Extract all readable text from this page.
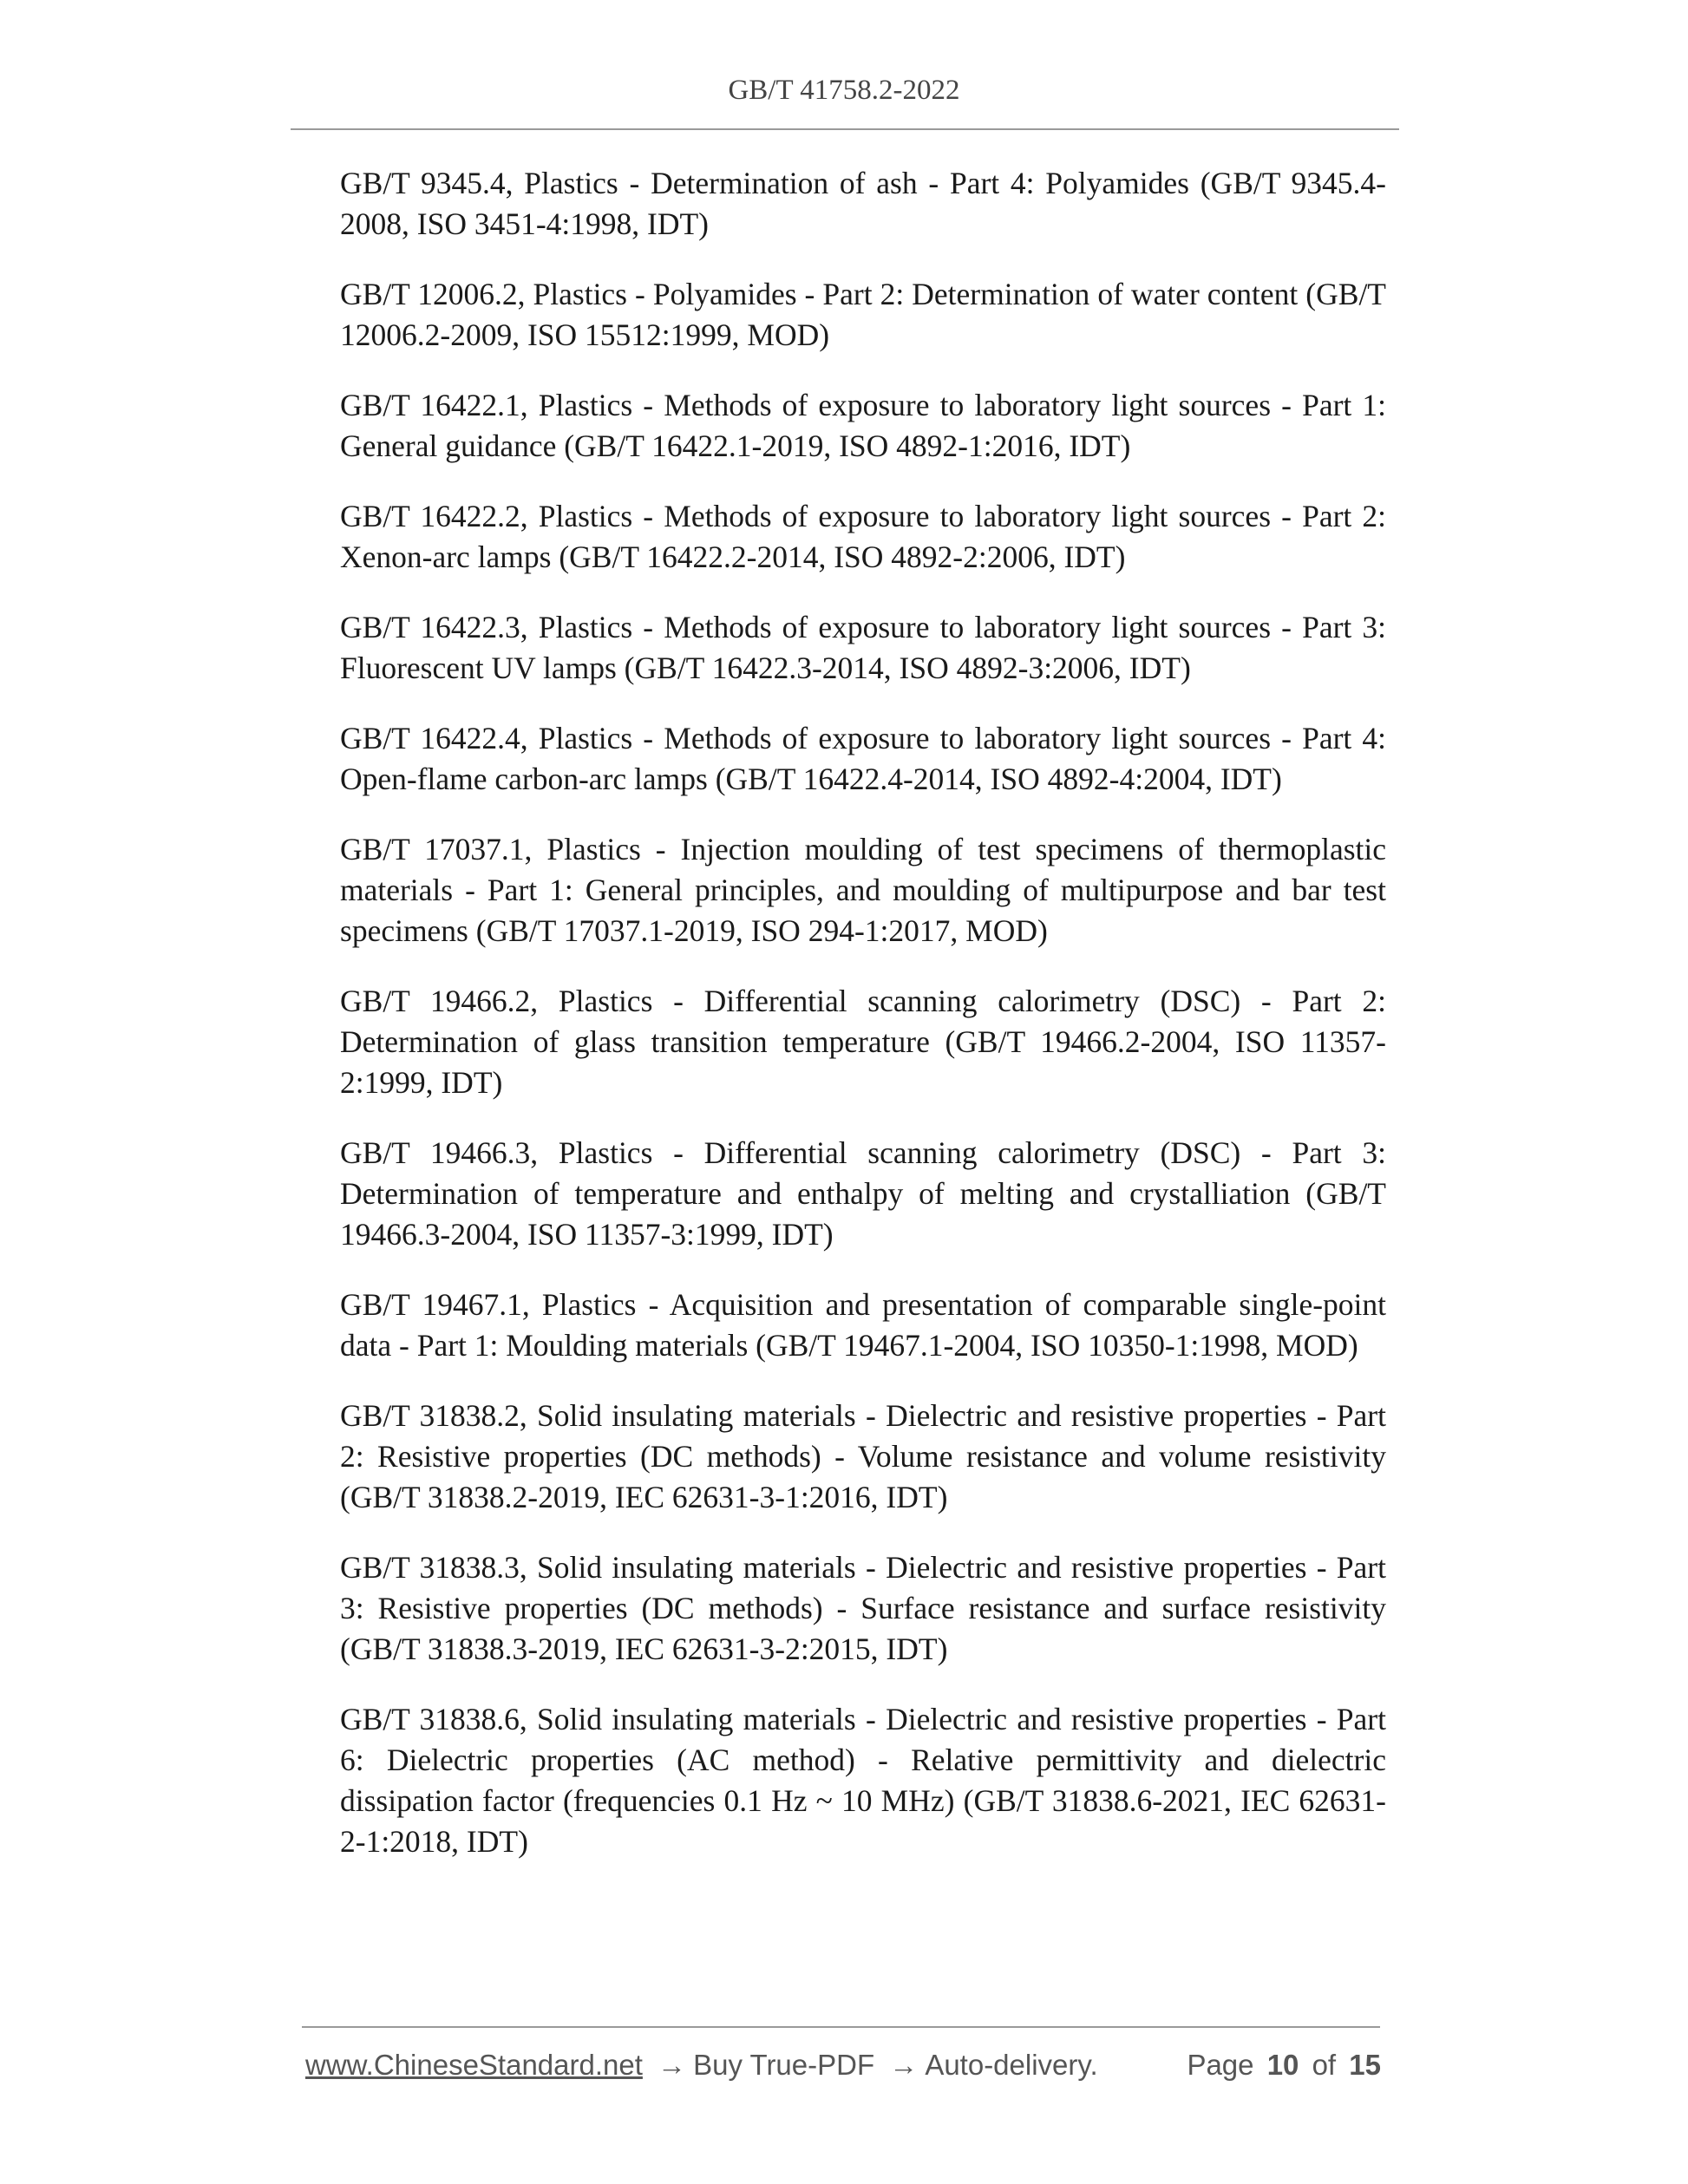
GB/T 41758.2-2022

GB/T 9345.4, Plastics - Determination of ash - Part 4: Polyamides (GB/T 9345.4-2008, ISO 3451-4:1998, IDT)

GB/T 12006.2, Plastics - Polyamides - Part 2: Determination of water content (GB/T 12006.2-2009, ISO 15512:1999, MOD)

GB/T 16422.1, Plastics - Methods of exposure to laboratory light sources - Part 1: General guidance (GB/T 16422.1-2019, ISO 4892-1:2016, IDT)

GB/T 16422.2, Plastics - Methods of exposure to laboratory light sources - Part 2: Xenon-arc lamps (GB/T 16422.2-2014, ISO 4892-2:2006, IDT)

GB/T 16422.3, Plastics - Methods of exposure to laboratory light sources - Part 3: Fluorescent UV lamps (GB/T 16422.3-2014, ISO 4892-3:2006, IDT)

GB/T 16422.4, Plastics - Methods of exposure to laboratory light sources - Part 4: Open-flame carbon-arc lamps (GB/T 16422.4-2014, ISO 4892-4:2004, IDT)

GB/T 17037.1, Plastics - Injection moulding of test specimens of thermoplastic materials - Part 1: General principles, and moulding of multipurpose and bar test specimens (GB/T 17037.1-2019, ISO 294-1:2017, MOD)

GB/T 19466.2, Plastics - Differential scanning calorimetry (DSC) - Part 2: Determination of glass transition temperature (GB/T 19466.2-2004, ISO 11357-2:1999, IDT)

GB/T 19466.3, Plastics - Differential scanning calorimetry (DSC) - Part 3: Determination of temperature and enthalpy of melting and crystalliation (GB/T 19466.3-2004, ISO 11357-3:1999, IDT)

GB/T 19467.1, Plastics - Acquisition and presentation of comparable single-point data - Part 1: Moulding materials (GB/T 19467.1-2004, ISO 10350-1:1998, MOD)

GB/T 31838.2, Solid insulating materials - Dielectric and resistive properties - Part 2: Resistive properties (DC methods) - Volume resistance and volume resistivity (GB/T 31838.2-2019, IEC 62631-3-1:2016, IDT)

GB/T 31838.3, Solid insulating materials - Dielectric and resistive properties - Part 3: Resistive properties (DC methods) - Surface resistance and surface resistivity (GB/T 31838.3-2019, IEC 62631-3-2:2015, IDT)

GB/T 31838.6, Solid insulating materials - Dielectric and resistive properties - Part 6: Dielectric properties (AC method) - Relative permittivity and dielectric dissipation factor (frequencies 0.1 Hz ~ 10 MHz) (GB/T 31838.6-2021, IEC 62631-2-1:2018, IDT)

www.ChineseStandard.net → Buy True-PDF → Auto-delivery.	Page 10 of 15
